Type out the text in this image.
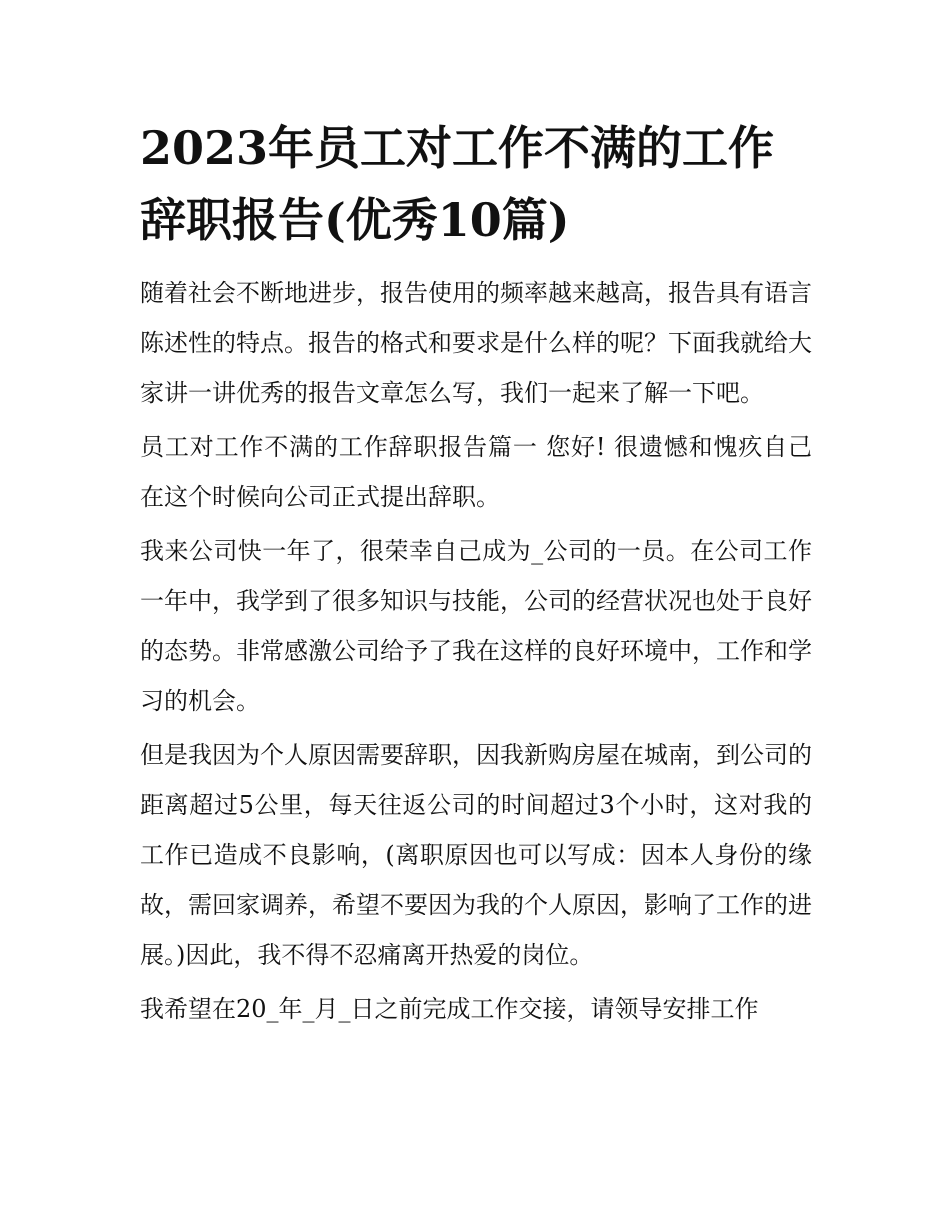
2023年员工对工作不满的工作辞职报告(优秀10篇)

随着社会不断地进步，报告使用的频率越来越高，报告具有语言陈述性的特点。报告的格式和要求是什么样的呢？下面我就给大家讲一讲优秀的报告文章怎么写，我们一起来了解一下吧。

员工对工作不满的工作辞职报告篇一 您好! 很遗憾和愧疚自己在这个时候向公司正式提出辞职。

我来公司快一年了，很荣幸自己成为_公司的一员。在公司工作一年中，我学到了很多知识与技能，公司的经营状况也处于良好的态势。非常感激公司给予了我在这样的良好环境中，工作和学习的机会。

但是我因为个人原因需要辞职，因我新购房屋在城南，到公司的距离超过5公里，每天往返公司的时间超过3个小时，这对我的工作已造成不良影响，(离职原因也可以写成：因本人身份的缘故，需回家调养，希望不要因为我的个人原因，影响了工作的进展。)因此，我不得不忍痛离开热爱的岗位。

我希望在20_年_月_日之前完成工作交接，请领导安排工作
